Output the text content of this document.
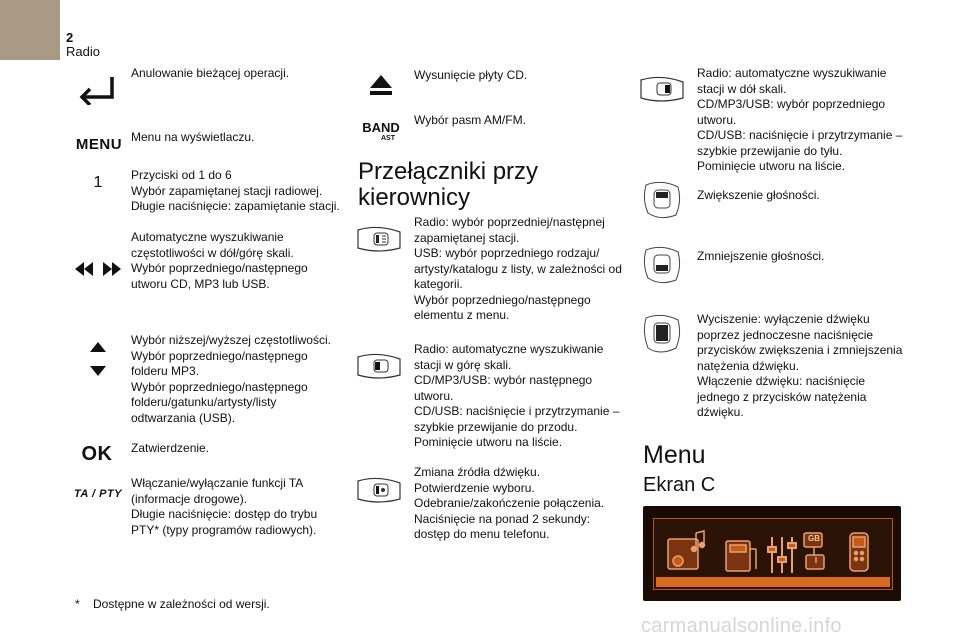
2
Radio
Anulowanie bieżącej operacji.
MENU Menu na wyświetlaczu.
1	Przyciski od 1 do 6
Wybór zapamiętanej stacji radiowej.
Długie naciśnięcie: zapamiętanie stacji.
Automatyczne wyszukiwanie
częstotliwości w dół/górę skali.
Wybór poprzedniego/następnego
utworu CD, MP3 lub USB.
Wybór niższej/wyższej częstotliwości.
Wybór poprzedniego/następnego
folderu MP3.
Wybór poprzedniego/następnego
folderu/gatunku/artysty/listy
odtwarzania (USB).
OK	Zatwierdzenie.
TA / PTY
Włączanie/wyłączanie funkcji TA
(informacje drogowe).
Długie naciśnięcie: dostęp do trybu
PTY* (typy programów radiowych).
Wysunięcie płyty CD.
BAND
AST
Wybór pasm AM/FM.
Przełączniki przy
kierownicy
Radio: wybór poprzedniej/następnej
zapamiętanej stacji.
USB: wybór poprzedniego rodzaju/
artysty/katalogu z listy, w zależności od
kategorii.
Wybór poprzedniego/następnego
elementu z menu.
Radio: automatyczne wyszukiwanie
stacji w górę skali.
CD/MP3/USB: wybór następnego
utworu.
CD/USB: naciśnięcie i przytrzymanie –
szybkie przewijanie do przodu.
Pominięcie utworu na liście.
Zmiana źródła dźwięku.
Potwierdzenie wyboru.
Odebranie/zakończenie połączenia.
Naciśnięcie na ponad 2 sekundy:
dostęp do menu telefonu.
Radio: automatyczne wyszukiwanie
stacji w dół skali.
CD/MP3/USB: wybór poprzedniego
utworu.
CD/USB: naciśnięcie i przytrzymanie –
szybkie przewijanie do tyłu.
Pominięcie utworu na liście.
Zwiększenie głośności.
Zmniejszenie głośności.
Wyciszenie: wyłączenie dźwięku
poprzez jednoczesne naciśnięcie
przycisków zwiększenia i zmniejszenia
natężenia dźwięku.
Włączenie dźwięku: naciśnięcie
jednego z przycisków natężenia
dźwięku.
Menu
Ekran C
GB
I
* Dostępne w zależności od wersji.
carmanualsonline.info
